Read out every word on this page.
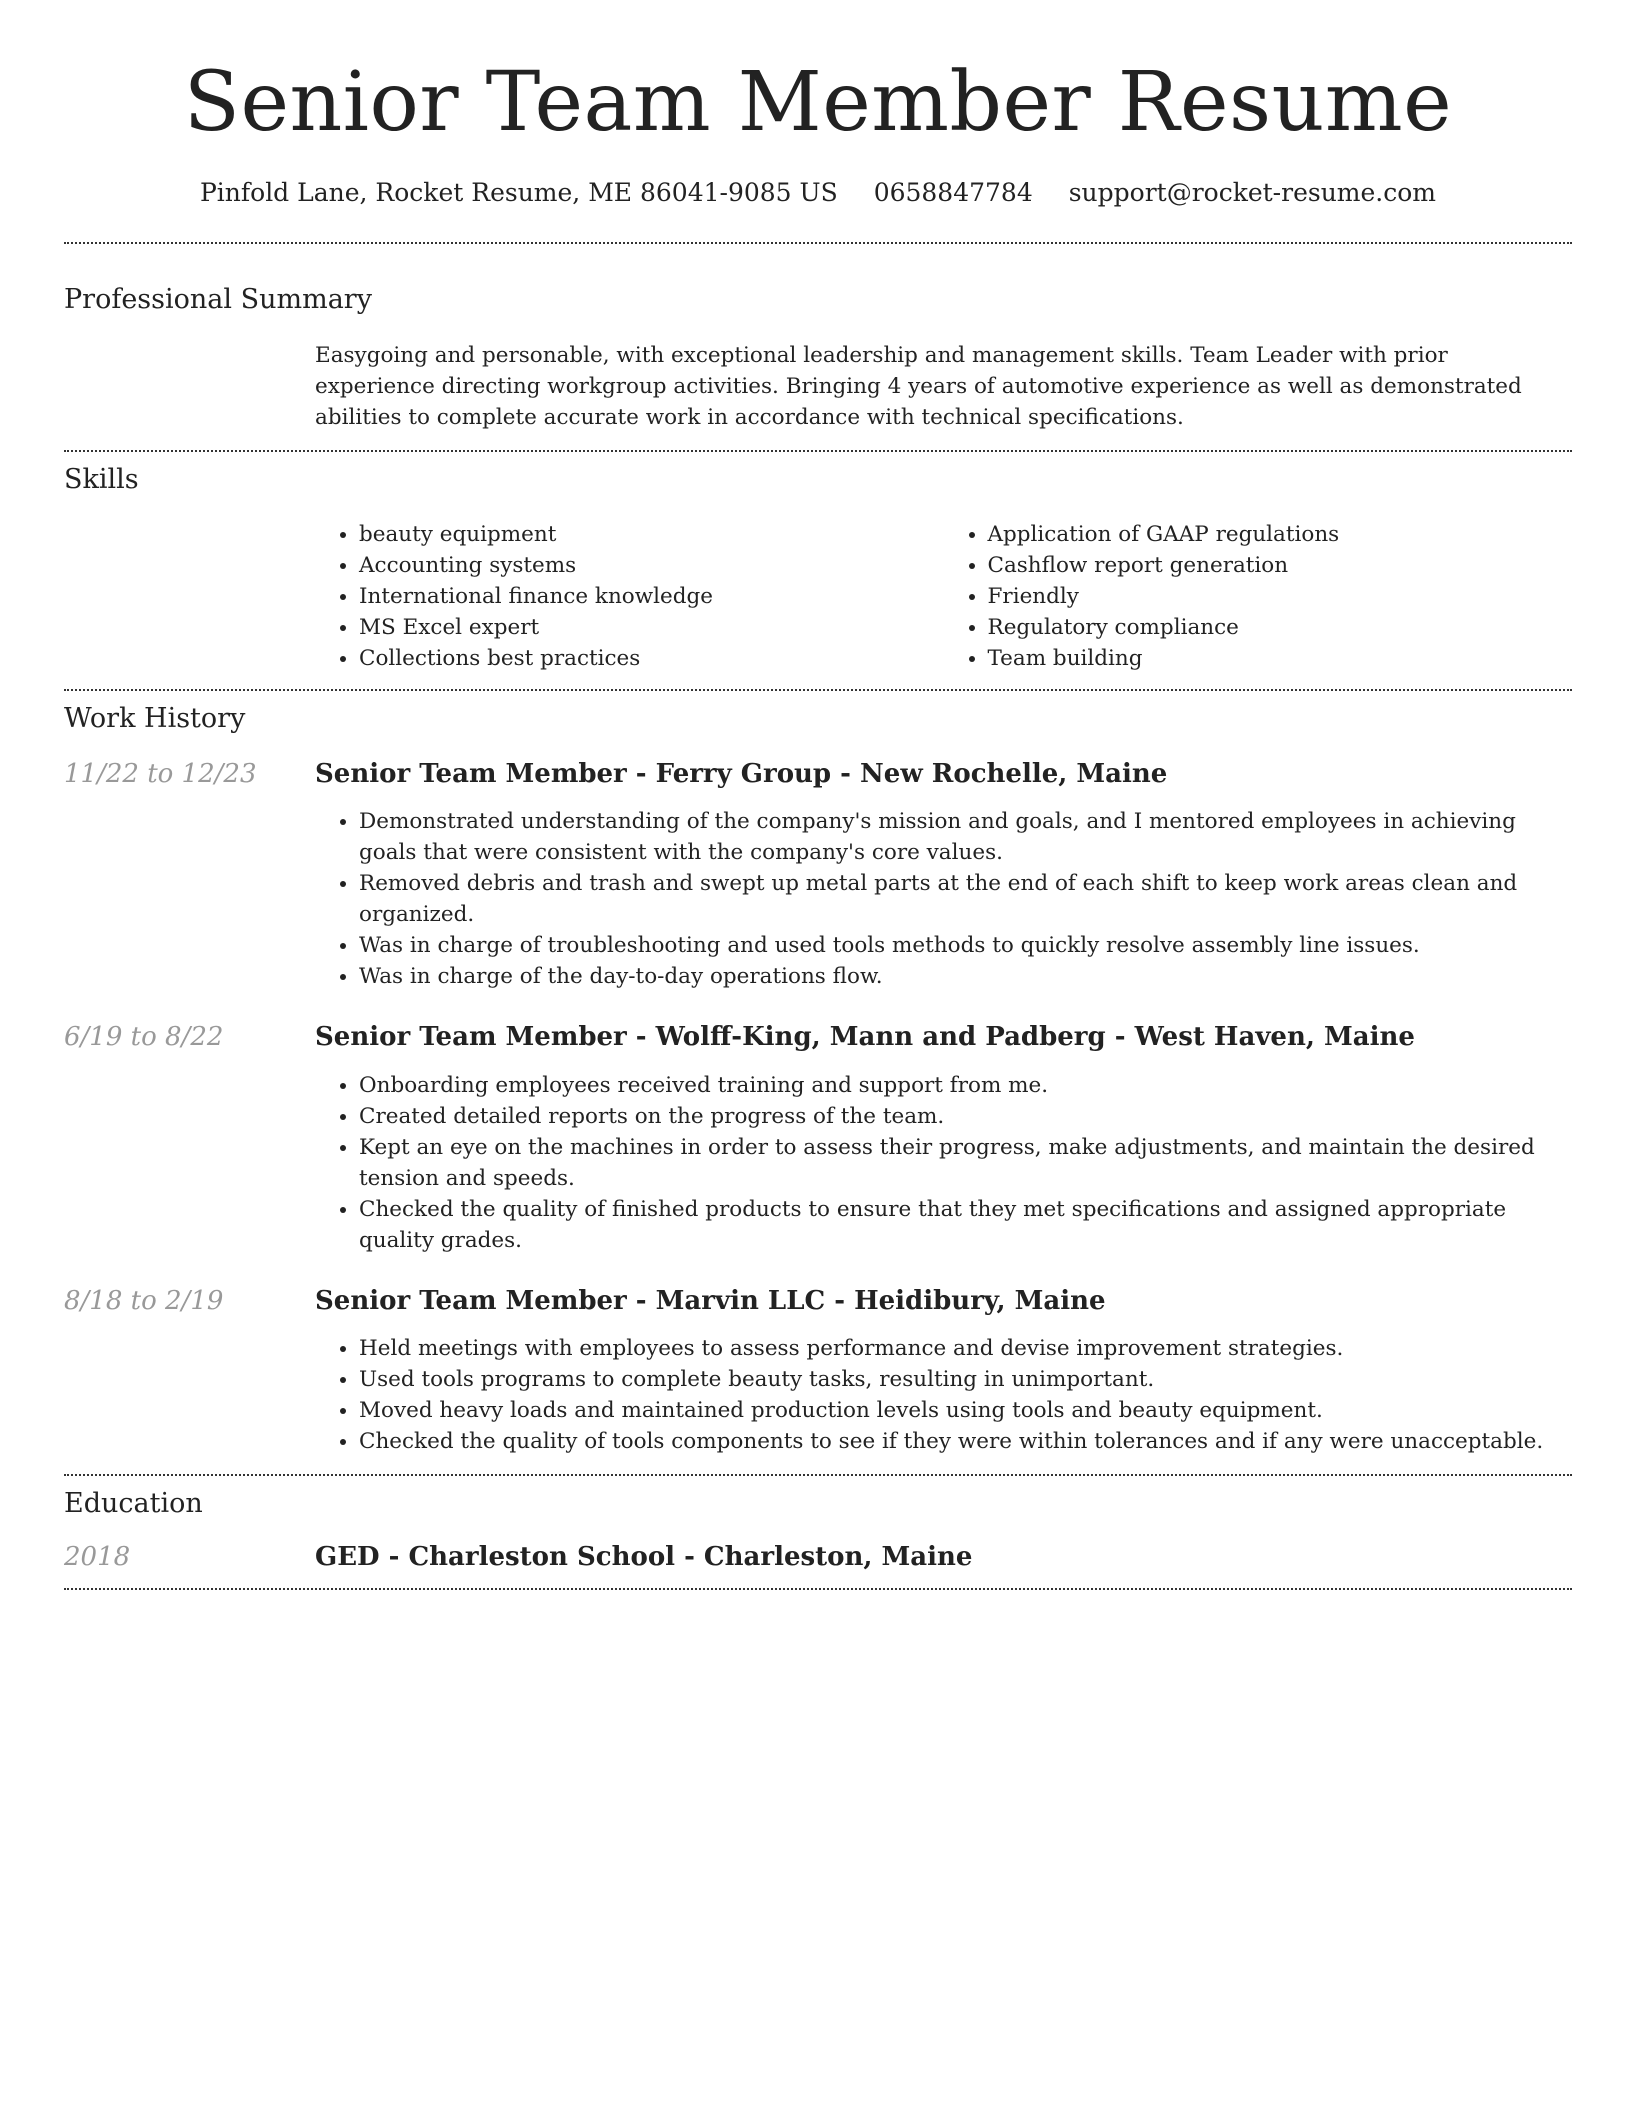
Senior Team Member Resume
Pinfold Lane, Rocket Resume, ME 86041-9085 US 0658847784 support@rocket-resume.com
Professional Summary

Easygoing and personable, with exceptional leadership and management skills. Team Leader with prior experience directing workgroup activities. Bringing 4 years of automotive experience as well as demonstrated abilities to complete accurate work in accordance with technical specifications.

Skills
• beauty equipment
• Accounting systems
• International finance knowledge
• MS Excel expert
• Collections best practices
• Application of GAAP regulations
• Cashflow report generation
• Friendly
• Regulatory compliance
• Team building
Work History
11/22 to 12/23	Senior Team Member - Ferry Group - New Rochelle, Maine
• Demonstrated understanding of the company's mission and goals, and I mentored employees in achieving goals that were consistent with the company's core values.
• Removed debris and trash and swept up metal parts at the end of each shift to keep work areas clean and organized.
• Was in charge of troubleshooting and used tools methods to quickly resolve assembly line issues.
• Was in charge of the day-to-day operations flow.
6/19 to 8/22	Senior Team Member - Wolff-King, Mann and Padberg - West Haven, Maine
• Onboarding employees received training and support from me.
• Created detailed reports on the progress of the team.
• Kept an eye on the machines in order to assess their progress, make adjustments, and maintain the desired tension and speeds.
• Checked the quality of finished products to ensure that they met specifications and assigned appropriate quality grades.
8/18 to 2/19	Senior Team Member - Marvin LLC - Heidibury, Maine
• Held meetings with employees to assess performance and devise improvement strategies.
• Used tools programs to complete beauty tasks, resulting in unimportant.
• Moved heavy loads and maintained production levels using tools and beauty equipment.
• Checked the quality of tools components to see if they were within tolerances and if any were unacceptable.
Education
2018	GED - Charleston School - Charleston, Maine
